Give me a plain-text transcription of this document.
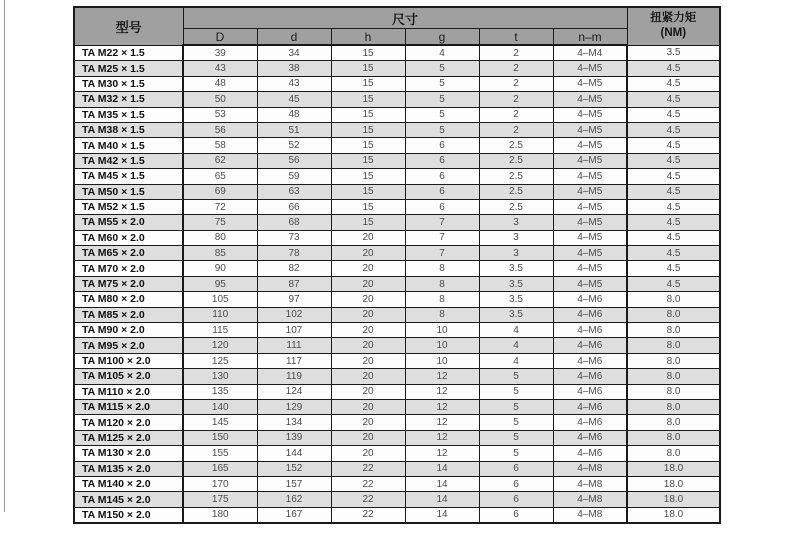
型号	尺寸						扭紧力矩
(NM)

	D	d	h	g	t	n–m	
TA M22 × 1.5	39	34	15	4	2	4–M4	3.5
TA M25 × 1.5	43	38	15	5	2	4–M5	4.5
TA M30 × 1.5	48	43	15	5	2	4–M5	4.5
TA M32 × 1.5	50	45	15	5	2	4–M5	4.5
TA M35 × 1.5	53	48	15	5	2	4–M5	4.5
TA M38 × 1.5	56	51	15	5	2	4–M5	4.5
TA M40 × 1.5	58	52	15	6	2.5	4–M5	4.5
TA M42 × 1.5	62	56	15	6	2.5	4–M5	4.5
TA M45 × 1.5	65	59	15	6	2.5	4–M5	4.5
TA M50 × 1.5	69	63	15	6	2.5	4–M5	4.5
TA M52 × 1.5	72	66	15	6	2.5	4–M5	4.5
TA M55 × 2.0	75	68	15	7	3	4–M5	4.5
TA M60 × 2.0	80	73	20	7	3	4–M5	4.5
TA M65 × 2.0	85	78	20	7	3	4–M5	4.5
TA M70 × 2.0	90	82	20	8	3.5	4–M5	4.5
TA M75 × 2.0	95	87	20	8	3.5	4–M5	4.5
TA M80 × 2.0	105	97	20	8	3.5	4–M6	8.0
TA M85 × 2.0	110	102	20	8	3.5	4–M6	8.0
TA M90 × 2.0	115	107	20	10	4	4–M6	8.0
TA M95 × 2.0	120	111	20	10	4	4–M6	8.0
TA M100 × 2.0	125	117	20	10	4	4–M6	8.0
TA M105 × 2.0	130	119	20	12	5	4–M6	8.0
TA M110 × 2.0	135	124	20	12	5	4–M6	8.0
TA M115 × 2.0	140	129	20	12	5	4–M6	8.0
TA M120 × 2.0	145	134	20	12	5	4–M6	8.0
TA M125 × 2.0	150	139	20	12	5	4–M6	8.0
TA M130 × 2.0	155	144	20	12	5	4–M6	8.0
TA M135 × 2.0	165	152	22	14	6	4–M8	18.0
TA M140 × 2.0	170	157	22	14	6	4–M8	18.0
TA M145 × 2.0	175	162	22	14	6	4–M8	18.0
TA M150 × 2.0	180	167	22	14	6	4–M8	18.0
